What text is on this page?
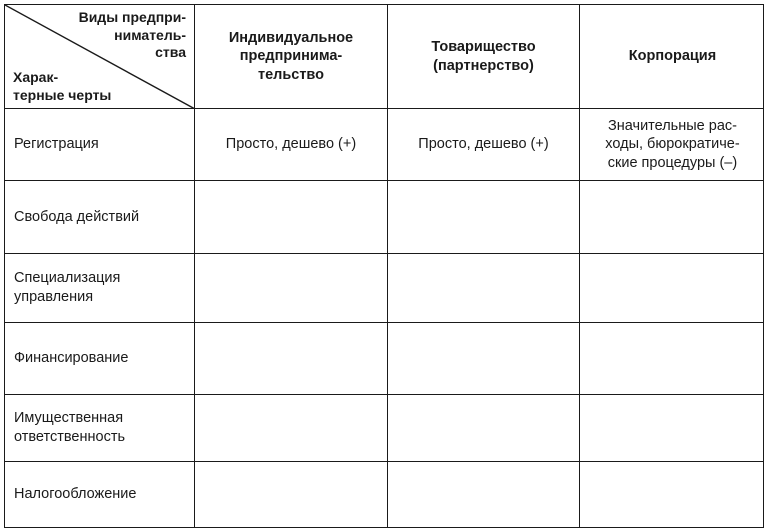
Виды предпри-
ниматель-
ства
Харак-
терные черты
Индивидуальное
предпринима-
тельство
Товарищество
(партнерство)
Корпорация
Регистрация	Просто, дешево (+)	Просто, дешево (+)
Значительные рас-
ходы, бюрократиче-
ские процедуры (–)
Свобода действий
Специализация
управления
Финансирование
Имущественная
ответственность
Налогообложение
